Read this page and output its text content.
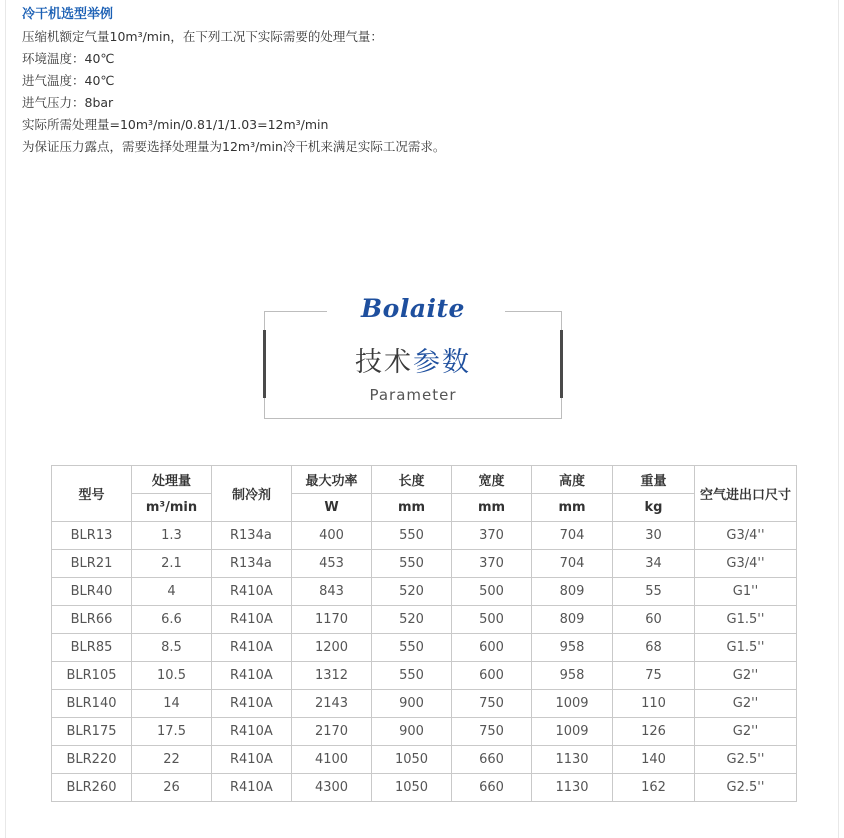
冷干机选型举例
压缩机额定气量10m³/min，在下列工况下实际需要的处理气量：
环境温度：40℃
进气温度：40℃
进气压力：8bar
实际所需处理量=10m³/min/0.81/1/1.03=12m³/min
为保证压力露点，需要选择处理量为12m³/min冷干机来满足实际工况需求。
Bolaite
技术参数
Parameter
型号	处理量	制冷剂	最大功率	长度	宽度	高度	重量	空气进出口尺寸
	m³/min		W	mm	mm	mm	kg	
BLR13	1.3	R134a	400	550	370	704	30	G3/4''
BLR21	2.1	R134a	453	550	370	704	34	G3/4''
BLR40	4	R410A	843	520	500	809	55	G1''
BLR66	6.6	R410A	1170	520	500	809	60	G1.5''
BLR85	8.5	R410A	1200	550	600	958	68	G1.5''
BLR105	10.5	R410A	1312	550	600	958	75	G2''
BLR140	14	R410A	2143	900	750	1009	110	G2''
BLR175	17.5	R410A	2170	900	750	1009	126	G2''
BLR220	22	R410A	4100	1050	660	1130	140	G2.5''
BLR260	26	R410A	4300	1050	660	1130	162	G2.5''
